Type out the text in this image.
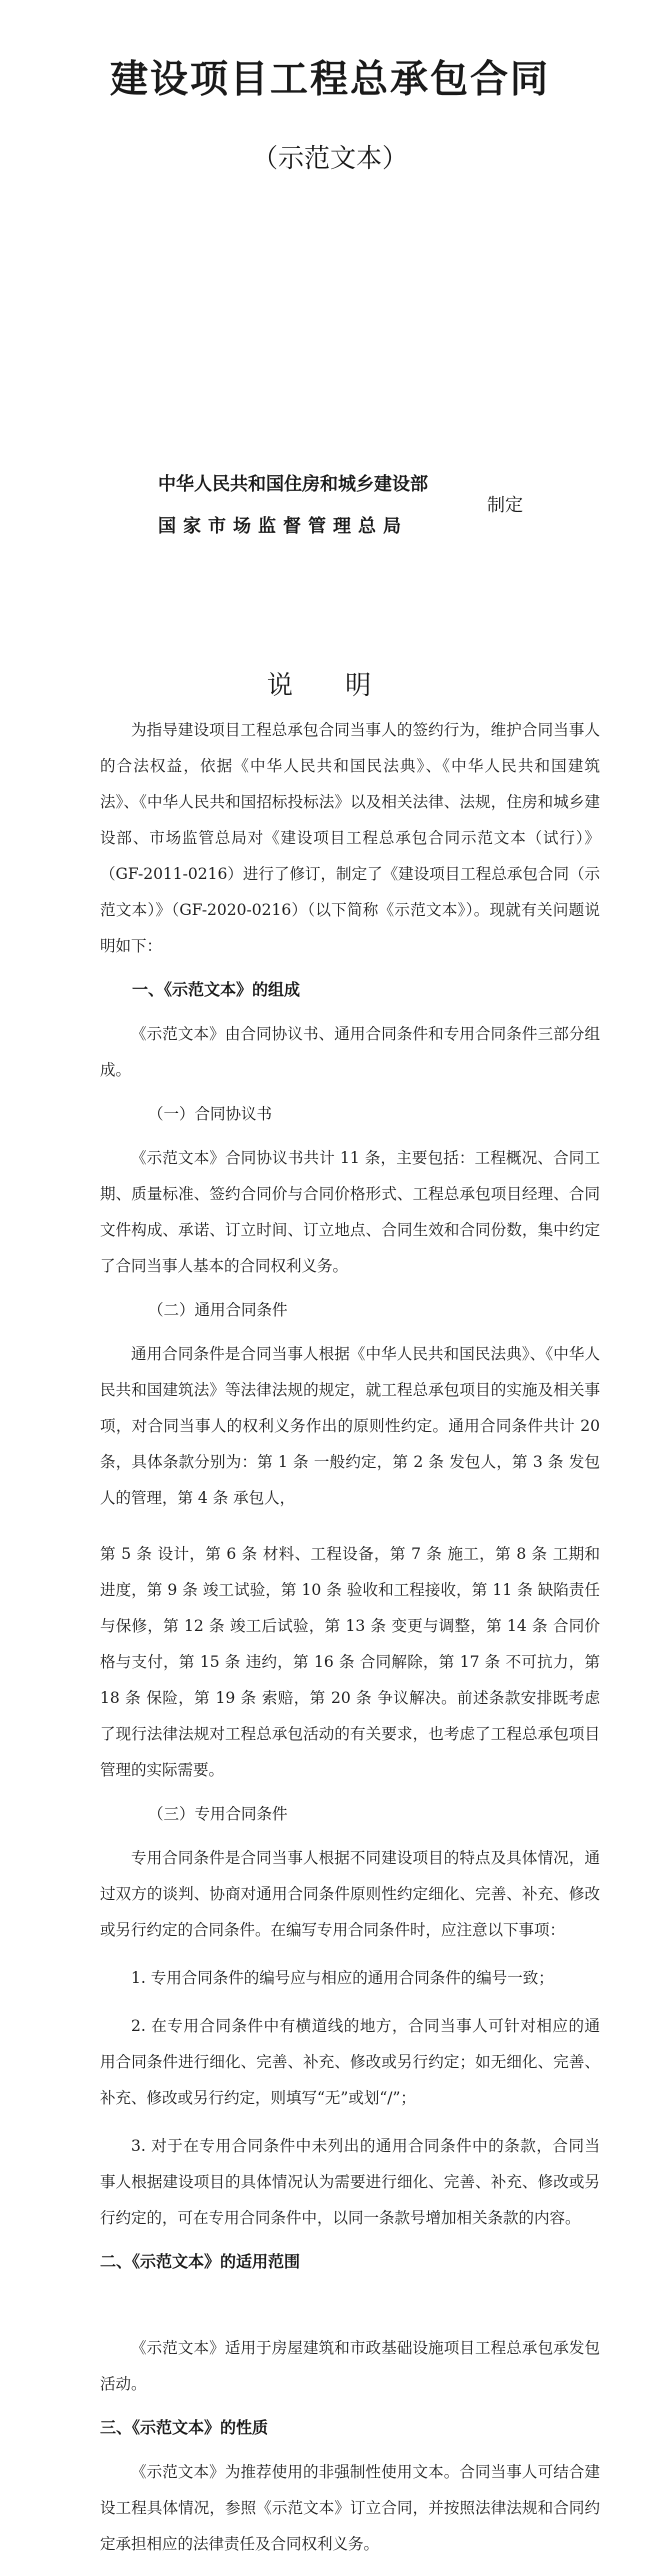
建设项目工程总承包合同
（示范文本）
中华人民共和国住房和城乡建设部
国家市场监督管理总局
制定
说 明

为指导建设项目工程总承包合同当事人的签约行为，维护合同当事人的合法权益，依据《中华人民共和国民法典》、《中华人民共和国建筑法》、《中华人民共和国招标投标法》以及相关法律、法规，住房和城乡建设部、市场监管总局对《建设项目工程总承包合同示范文本（试行）》（GF-2011-0216）进行了修订，制定了《建设项目工程总承包合同（示范文本）》（GF-2020-0216）（以下简称《示范文本》）。现就有关问题说明如下：

一、《示范文本》的组成

《示范文本》由合同协议书、通用合同条件和专用合同条件三部分组成。

（一）合同协议书

《示范文本》合同协议书共计 11 条，主要包括：工程概况、合同工期、质量标准、签约合同价与合同价格形式、工程总承包项目经理、合同文件构成、承诺、订立时间、订立地点、合同生效和合同份数，集中约定了合同当事人基本的合同权利义务。

（二）通用合同条件

通用合同条件是合同当事人根据《中华人民共和国民法典》、《中华人民共和国建筑法》等法律法规的规定，就工程总承包项目的实施及相关事项，对合同当事人的权利义务作出的原则性约定。通用合同条件共计 20 条，具体条款分别为：第 1 条 一般约定，第 2 条 发包人，第 3 条 发包人的管理，第 4 条 承包人，

第 5 条 设计，第 6 条 材料、工程设备，第 7 条 施工，第 8 条 工期和进度，第 9 条 竣工试验，第 10 条 验收和工程接收，第 11 条 缺陷责任与保修，第 12 条 竣工后试验，第 13 条 变更与调整，第 14 条 合同价格与支付，第 15 条 违约，第 16 条 合同解除，第 17 条 不可抗力，第 18 条 保险，第 19 条 索赔，第 20 条 争议解决。前述条款安排既考虑了现行法律法规对工程总承包活动的有关要求，也考虑了工程总承包项目管理的实际需要。

（三）专用合同条件

专用合同条件是合同当事人根据不同建设项目的特点及具体情况，通过双方的谈判、协商对通用合同条件原则性约定细化、完善、补充、修改或另行约定的合同条件。在编写专用合同条件时，应注意以下事项：

1. 专用合同条件的编号应与相应的通用合同条件的编号一致；

2. 在专用合同条件中有横道线的地方，合同当事人可针对相应的通用合同条件进行细化、完善、补充、修改或另行约定；如无细化、完善、补充、修改或另行约定，则填写“无”或划“/”；

3. 对于在专用合同条件中未列出的通用合同条件中的条款，合同当事人根据建设项目的具体情况认为需要进行细化、完善、补充、修改或另行约定的，可在专用合同条件中，以同一条款号增加相关条款的内容。

二、《示范文本》的适用范围

《示范文本》适用于房屋建筑和市政基础设施项目工程总承包承发包活动。

三、《示范文本》的性质

《示范文本》为推荐使用的非强制性使用文本。合同当事人可结合建设工程具体情况，参照《示范文本》订立合同，并按照法律法规和合同约定承担相应的法律责任及合同权利义务。
